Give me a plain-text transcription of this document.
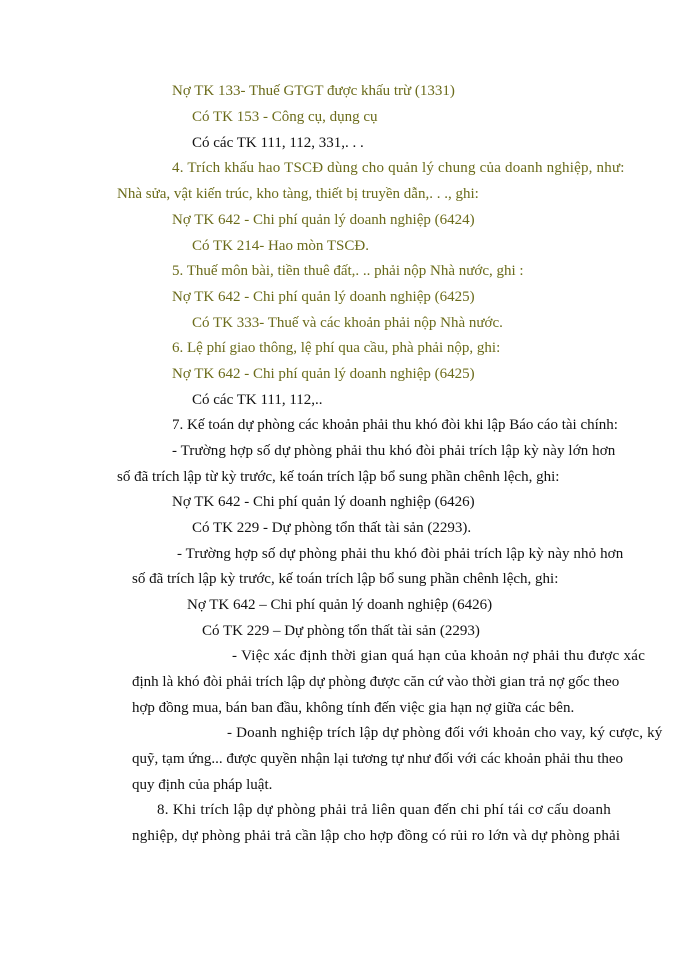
Nợ TK 133- Thuế GTGT được khấu trừ (1331)
Có TK 153 - Công cụ, dụng cụ
Có các TK 111, 112, 331,. . .
4. Trích khấu hao TSCĐ dùng cho quản lý chung của doanh nghiệp, như:
Nhà sửa, vật kiến trúc, kho tàng, thiết bị truyền dẫn,. . ., ghi:
Nợ TK 642 - Chi phí quản lý doanh nghiệp (6424)
Có TK 214- Hao mòn TSCĐ.
5. Thuế môn bài, tiền thuê đất,. .. phải nộp Nhà nước, ghi :
Nợ TK 642 - Chi phí quản lý doanh nghiệp (6425)
Có TK 333- Thuế và các khoản phải nộp Nhà nước.
6. Lệ phí giao thông, lệ phí qua cầu, phà phải nộp, ghi:
Nợ TK 642 - Chi phí quản lý doanh nghiệp (6425)
Có các TK 111, 112,..
7. Kế toán dự phòng các khoản phải thu khó đòi khi lập Báo cáo tài chính:
- Trường hợp số dự phòng phải thu khó đòi phải trích lập kỳ này lớn hơn
số đã trích lập từ kỳ trước, kế toán trích lập bổ sung phần chênh lệch, ghi:
Nợ TK 642 - Chi phí quản lý doanh nghiệp (6426)
Có TK 229 - Dự phòng tổn thất tài sản (2293).
- Trường hợp số dự phòng phải thu khó đòi phải trích lập kỳ này nhỏ hơn
số đã trích lập kỳ trước, kế toán trích lập bổ sung phần chênh lệch, ghi:
Nợ TK 642 – Chi phí quản lý doanh nghiệp (6426)
Có TK 229 – Dự phòng tổn thất tài sản (2293)
- Việc xác định thời gian quá hạn của khoản nợ phải thu được xác
định là khó đòi phải trích lập dự phòng được căn cứ vào thời gian trả nợ gốc theo
hợp đồng mua, bán ban đầu, không tính đến việc gia hạn nợ giữa các bên.
- Doanh nghiệp trích lập dự phòng đối với khoản cho vay, ký cược, ký
quỹ, tạm ứng... được quyền nhận lại tương tự như đối với các khoản phải thu theo
quy định của pháp luật.
8. Khi trích lập dự phòng phải trả liên quan đến chi phí tái cơ cấu doanh
nghiệp, dự phòng phải trả cần lập cho hợp đồng có rủi ro lớn và dự phòng phải
